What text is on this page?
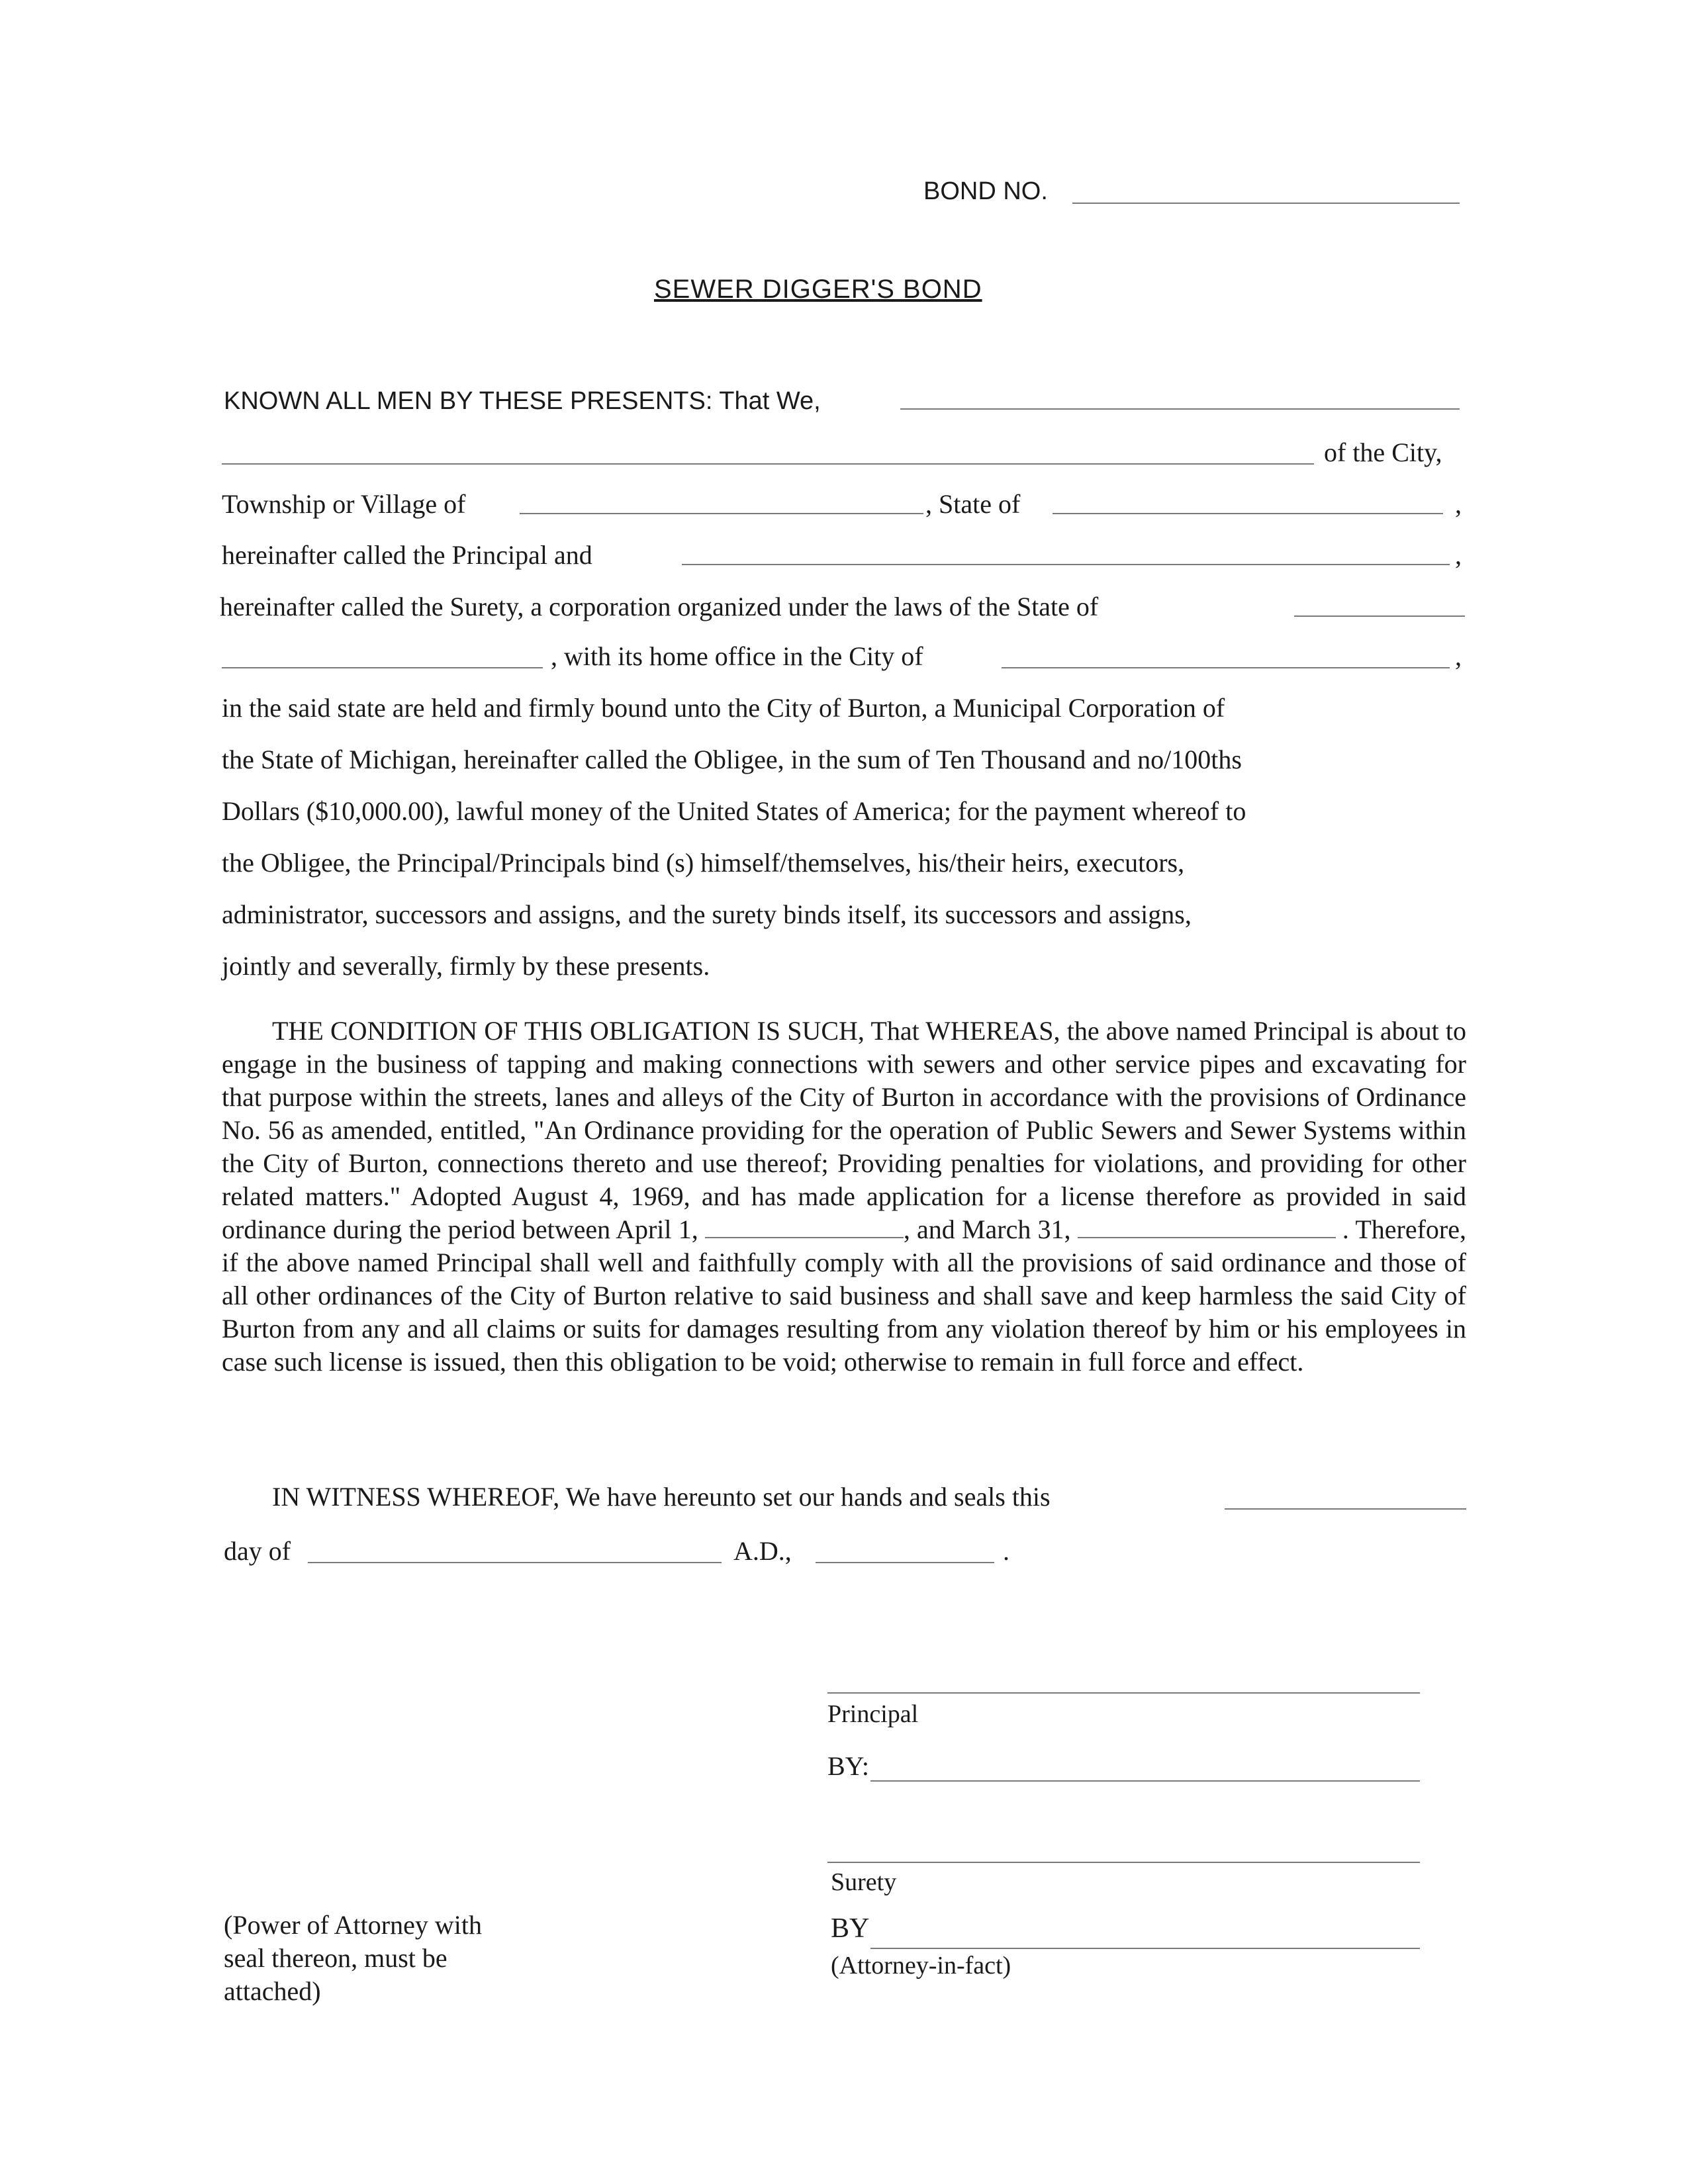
BOND NO.
SEWER DIGGER'S BOND
KNOWN ALL MEN BY THESE PRESENTS: That We,
of the City,
Township or Village of	, State of	,
hereinafter called the Principal and	,
hereinafter called the Surety, a corporation organized under the laws of the State of
, with its home office in the City of	,
in the said state are held and firmly bound unto the City of Burton, a Municipal Corporation of
the State of Michigan, hereinafter called the Obligee, in the sum of Ten Thousand and no/100ths
Dollars ($10,000.00), lawful money of the United States of America; for the payment whereof to
the Obligee, the Principal/Principals bind (s) himself/themselves, his/their heirs, executors,
administrator, successors and assigns, and the surety binds itself, its successors and assigns,
jointly and severally, firmly by these presents.
THE CONDITION OF THIS OBLIGATION IS SUCH, That WHEREAS, the above named Principal is about to engage in the business of tapping and making connections with sewers and other service pipes and excavating for that purpose within the streets, lanes and alleys of the City of Burton in accordance with the provisions of Ordinance No. 56 as amended, entitled, "An Ordinance providing for the operation of Public Sewers and Sewer Systems within the City of Burton, connections thereto and use thereof; Providing penalties for violations, and providing for other related matters." Adopted August 4, 1969, and has made application for a license therefore as provided in said ordinance during the period between April 1,	, and March 31,	. Therefore, if the above named Principal shall well and faithfully comply with all the provisions of said ordinance and those of all other ordinances of the City of Burton relative to said business and shall save and keep harmless the said City of Burton from any and all claims or suits for damages resulting from any violation thereof by him or his employees in case such license is issued, then this obligation to be void; otherwise to remain in full force and effect.
IN WITNESS WHEREOF, We have hereunto set our hands and seals this
day of	A.D.,	.
Principal
BY:
Surety
BY
(Attorney-in-fact)
(Power of Attorney with
seal thereon, must be
attached)
